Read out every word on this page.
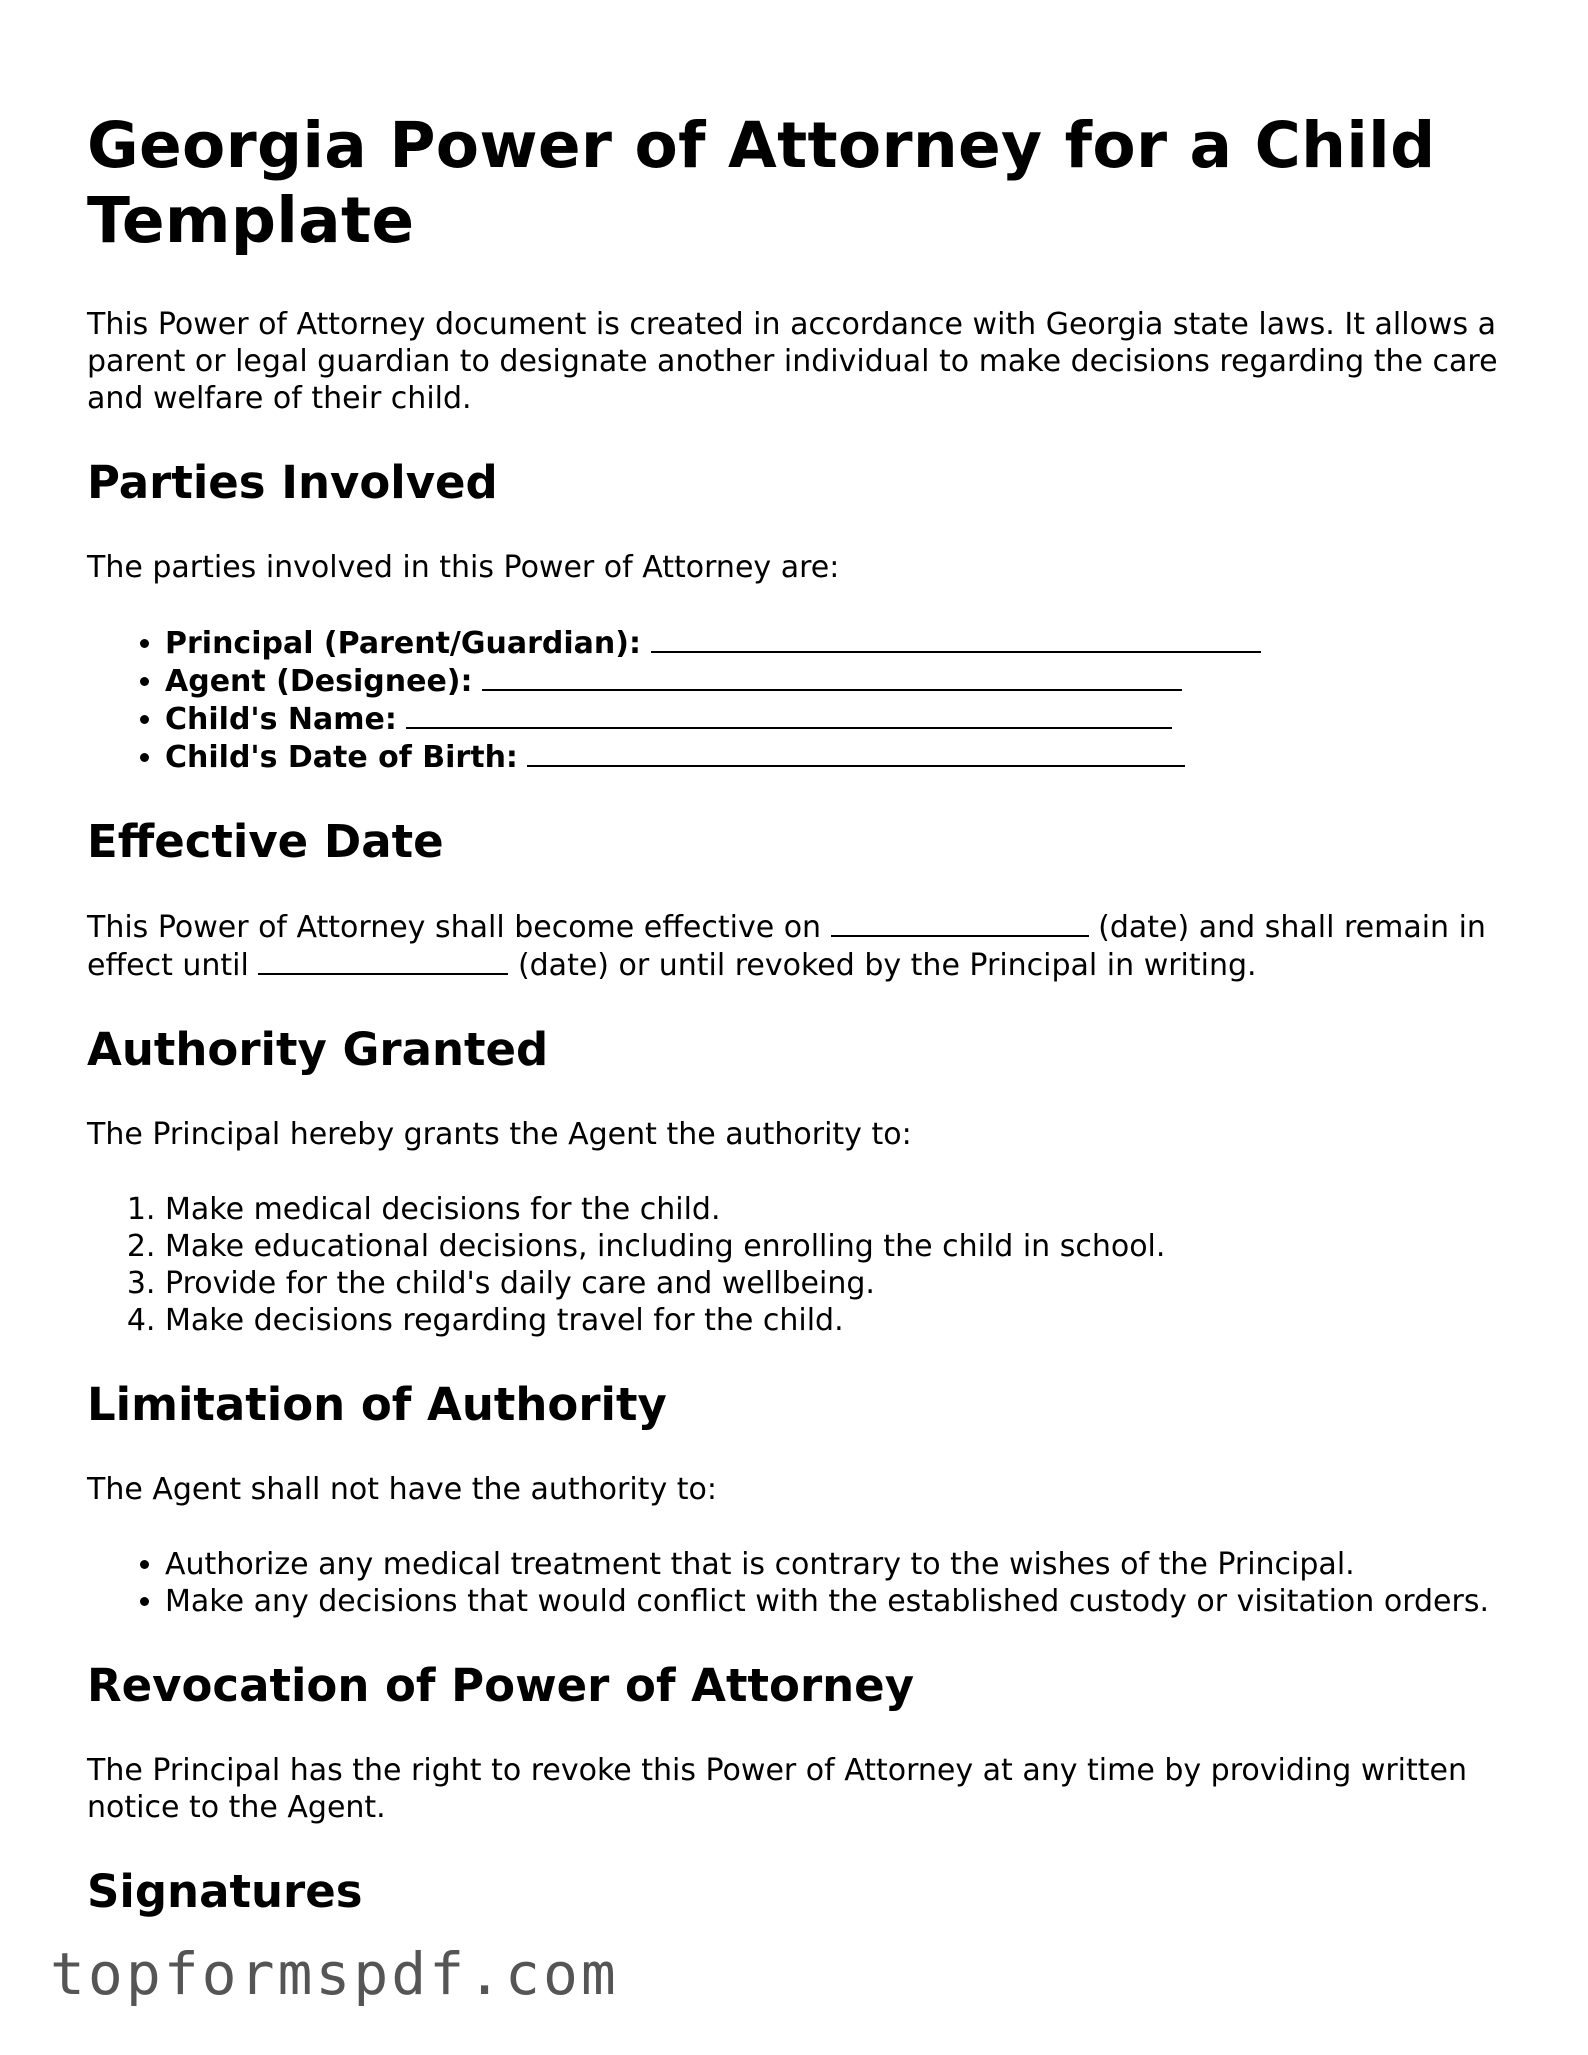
Georgia Power of Attorney for a Child Template

This Power of Attorney document is created in accordance with Georgia state laws. It allows a parent or legal guardian to designate another individual to make decisions regarding the care and welfare of their child.

Parties Involved

The parties involved in this Power of Attorney are:

• Principal (Parent/Guardian):
• Agent (Designee):
• Child's Name:
• Child's Date of Birth:
Effective Date

This Power of Attorney shall become effective on	(date) and shall remain in effect until	(date) or until revoked by the Principal in writing.

Authority Granted

The Principal hereby grants the Agent the authority to:

1. Make medical decisions for the child.
2. Make educational decisions, including enrolling the child in school.
3. Provide for the child's daily care and wellbeing.
4. Make decisions regarding travel for the child.
Limitation of Authority

The Agent shall not have the authority to:

• Authorize any medical treatment that is contrary to the wishes of the Principal.
• Make any decisions that would conflict with the established custody or visitation orders.
Revocation of Power of Attorney

The Principal has the right to revoke this Power of Attorney at any time by providing written notice to the Agent.

Signatures
topformspdf.com
